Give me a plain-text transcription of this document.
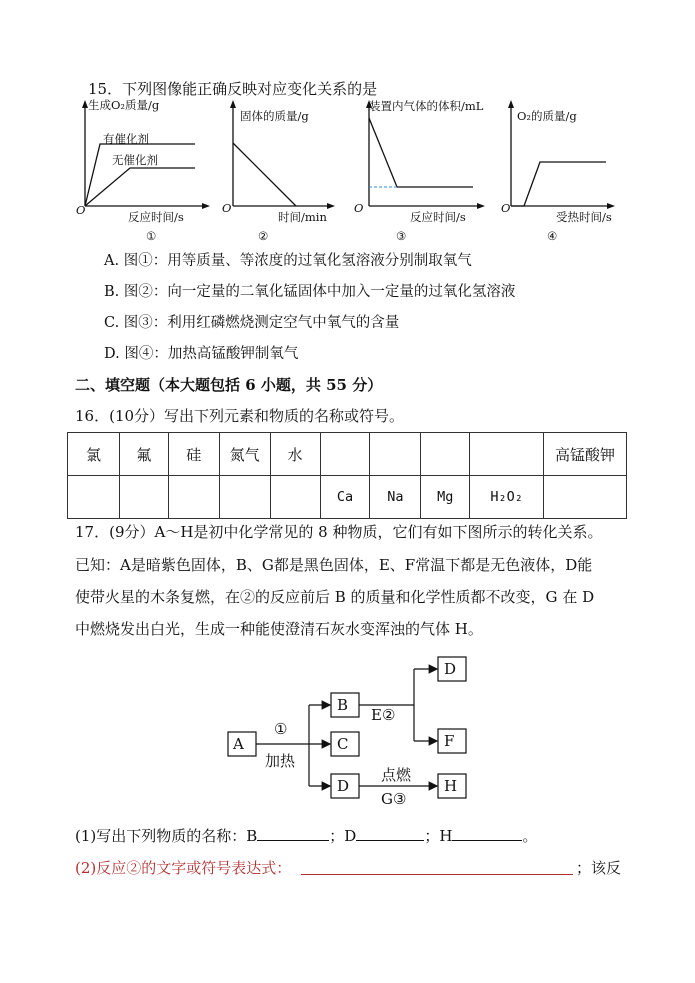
15．下列图像能正确反映对应变化关系的是
生成O₂质量/g
有催化剂
无催化剂
O	反应时间/s
①
固体的质量/g
O
时间/min
②
装置内气体的体积/mL
O
反应时间/s
③
O₂的质量/g
O
受热时间/s
④
A. 图①：用等质量、等浓度的过氧化氢溶液分别制取氧气
B. 图②：向一定量的二氧化锰固体中加入一定量的过氧化氢溶液
C. 图③：利用红磷燃烧测定空气中氧气的含量
D. 图④：加热高锰酸钾制氧气
二、填空题（本大题包括 6 小题，共 55 分）
16．(10分）写出下列元素和物质的名称或符号。
氯	氟	硅	氮气	水					高锰酸钾
					Ca	Na	Mg	H₂O₂	
17．(9分）A～H是初中化学常见的 8 种物质，它们有如下图所示的转化关系。
已知：A是暗紫色固体，B、G都是黑色固体，E、F常温下都是无色液体，D能
使带火星的木条复燃，在②的反应前后 B 的质量和化学性质都不改变，G 在 D
中燃烧发出白光，生成一种能使澄清石灰水变浑浊的气体 H。
A
B
C
D
D
F
H
①
加热
E②
点燃
G③
(1)写出下列物质的名称：B	；D	；H	。
(2)反应②的文字或符号表达式：	；该反
